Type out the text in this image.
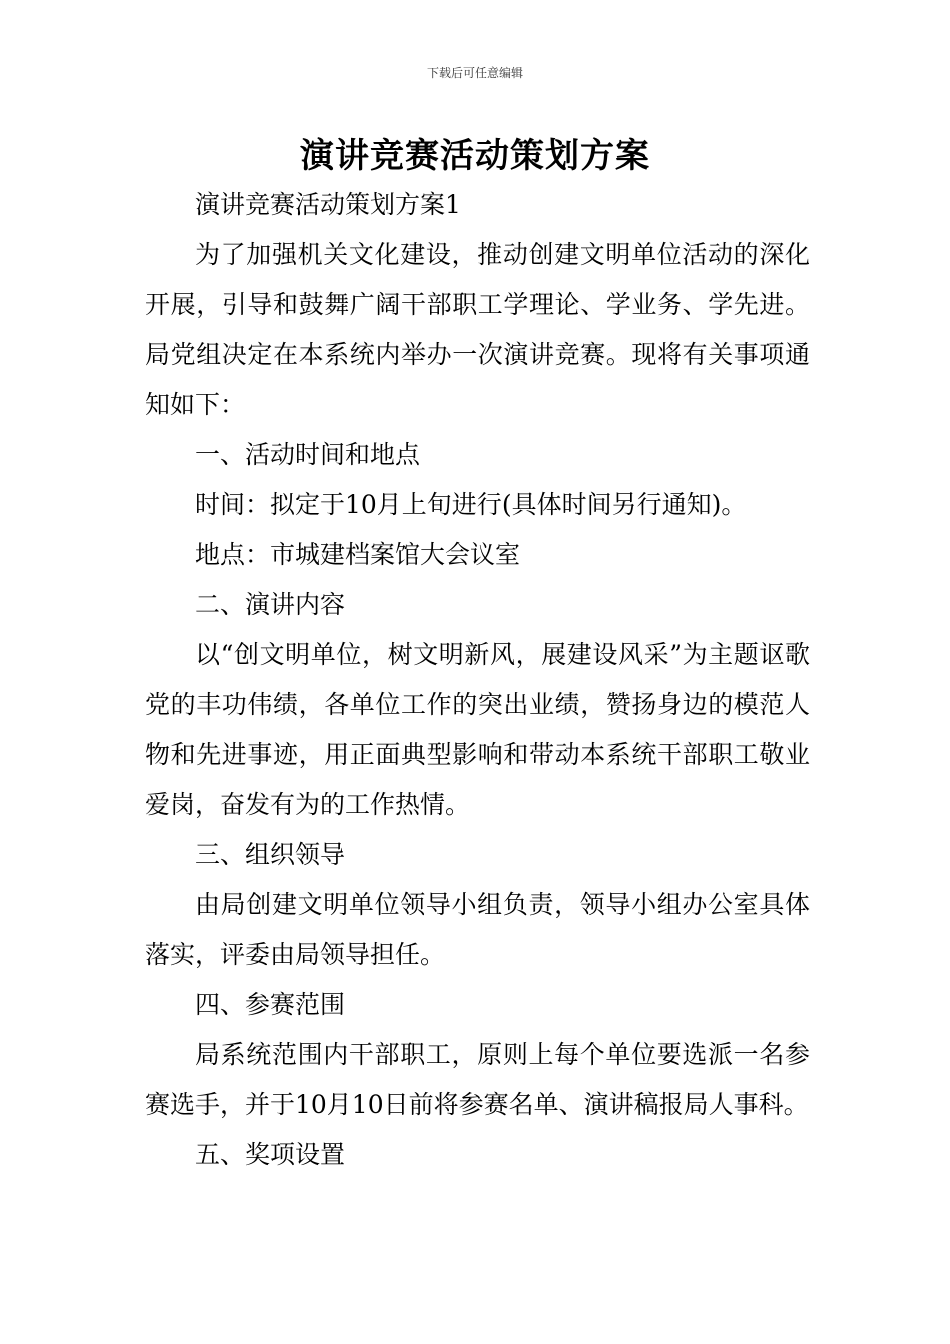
下载后可任意编辑
演讲竞赛活动策划方案

演讲竞赛活动策划方案1

为了加强机关文化建设，推动创建文明单位活动的深化开展，引导和鼓舞广阔干部职工学理论、学业务、学先进。局党组决定在本系统内举办一次演讲竞赛。现将有关事项通知如下：

一、活动时间和地点

时间：拟定于10月上旬进行(具体时间另行通知)。

地点：市城建档案馆大会议室

二、演讲内容

以“创文明单位，树文明新风，展建设风采”为主题讴歌党的丰功伟绩，各单位工作的突出业绩，赞扬身边的模范人物和先进事迹，用正面典型影响和带动本系统干部职工敬业爱岗，奋发有为的工作热情。

三、组织领导

由局创建文明单位领导小组负责，领导小组办公室具体落实，评委由局领导担任。

四、参赛范围

局系统范围内干部职工，原则上每个单位要选派一名参赛选手，并于10月10日前将参赛名单、演讲稿报局人事科。

五、奖项设置
